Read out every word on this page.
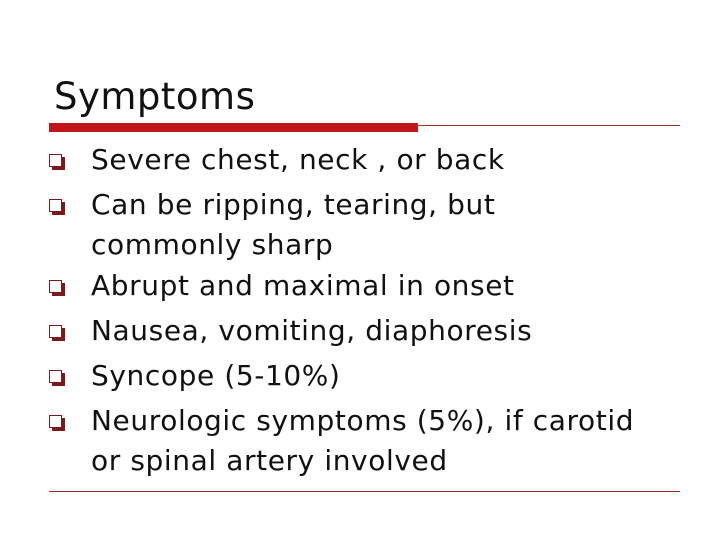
Symptoms
Severe chest, neck , or back
Can be ripping, tearing, but
commonly sharp
Abrupt and maximal in onset
Nausea, vomiting, diaphoresis
Syncope (5-10%)
Neurologic symptoms (5%), if carotid
or spinal artery involved
